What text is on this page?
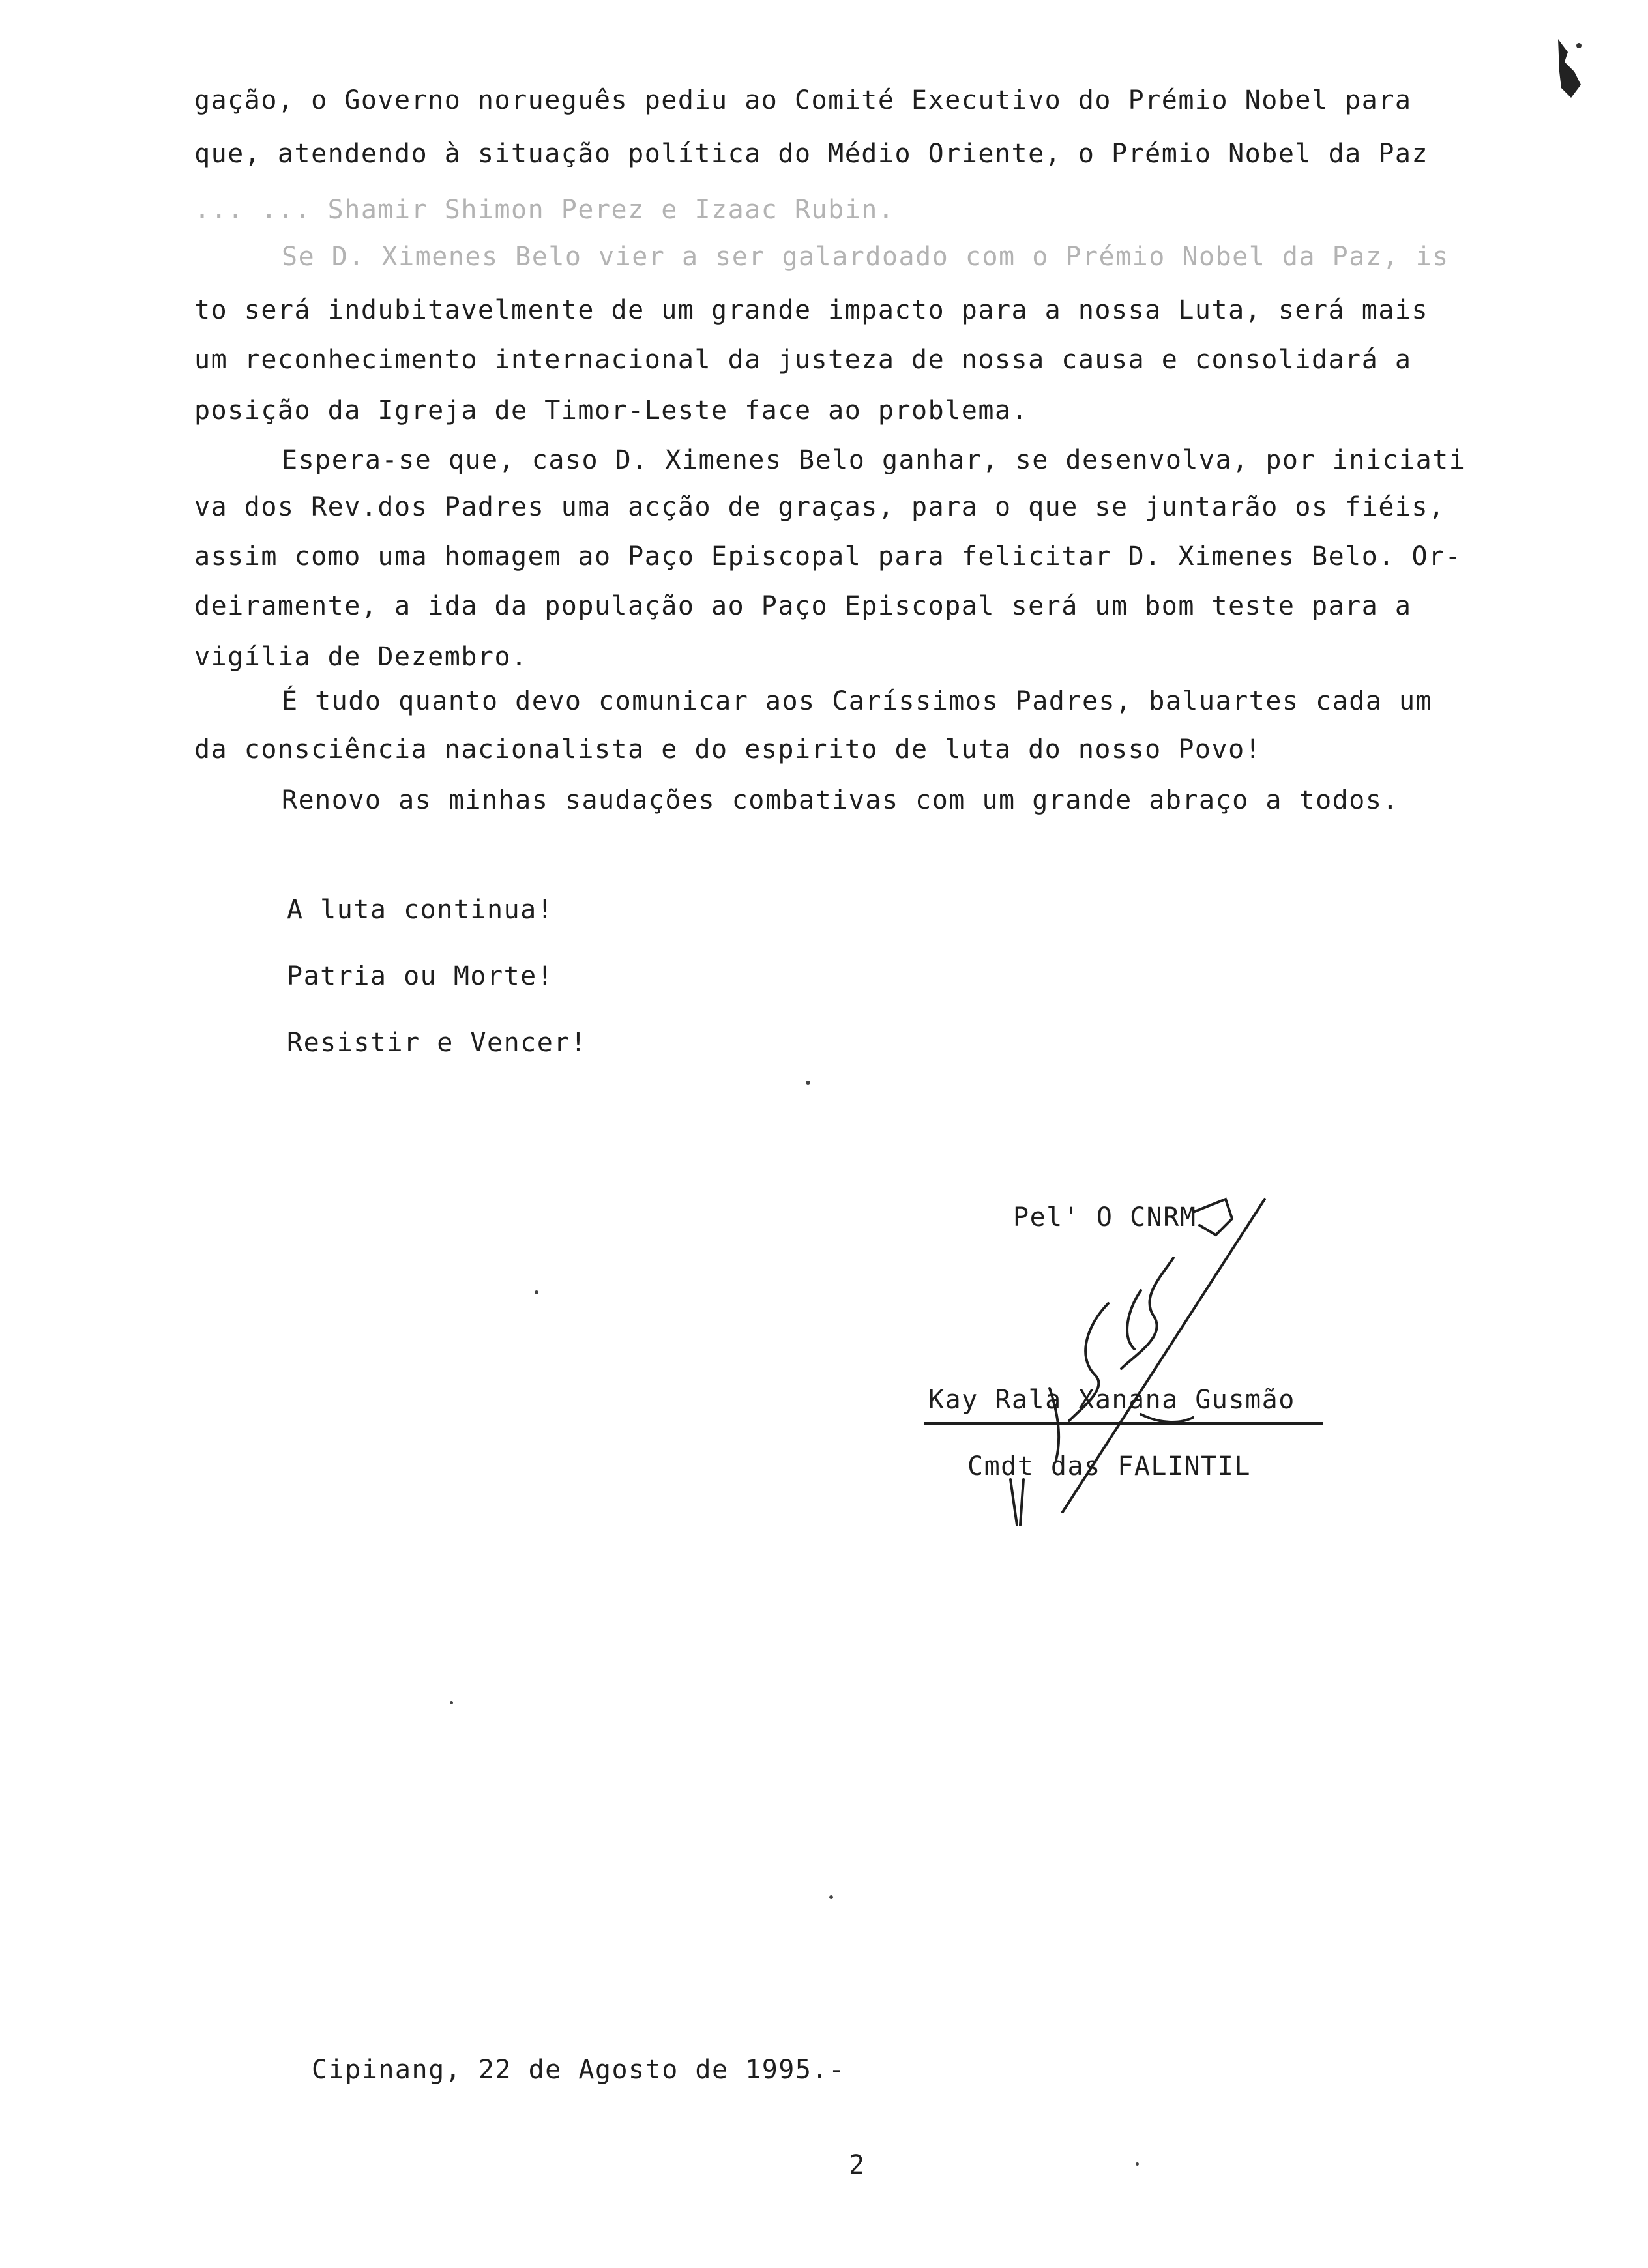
gação, o Governo norueguês pediu ao Comité Executivo do Prémio Nobel para
que, atendendo à situação política do Médio Oriente, o Prémio Nobel da Paz
... ... Shamir Shimon Perez e Izaac Rubin.
Se D. Ximenes Belo vier a ser galardoado com o Prémio Nobel da Paz, is
to será indubitavelmente de um grande impacto para a nossa Luta, será mais
um reconhecimento internacional da justeza de nossa causa e consolidará a
posição da Igreja de Timor-Leste face ao problema.
Espera-se que, caso D. Ximenes Belo ganhar, se desenvolva, por iniciati
va dos Rev.dos Padres uma acção de graças, para o que se juntarão os fiéis,
assim como uma homagem ao Paço Episcopal para felicitar D. Ximenes Belo. Or-
deiramente, a ida da população ao Paço Episcopal será um bom teste para a
vigília de Dezembro.
É tudo quanto devo comunicar aos Caríssimos Padres, baluartes cada um
da consciência nacionalista e do espirito de luta do nosso Povo!
Renovo as minhas saudações combativas com um grande abraço a todos.
A luta continua!
Patria ou Morte!
Resistir e Vencer!
Pel' O CNRM
Kay Rala Xanana Gusmão
Cmdt das FALINTIL
Cipinang, 22 de Agosto de 1995.-
2
